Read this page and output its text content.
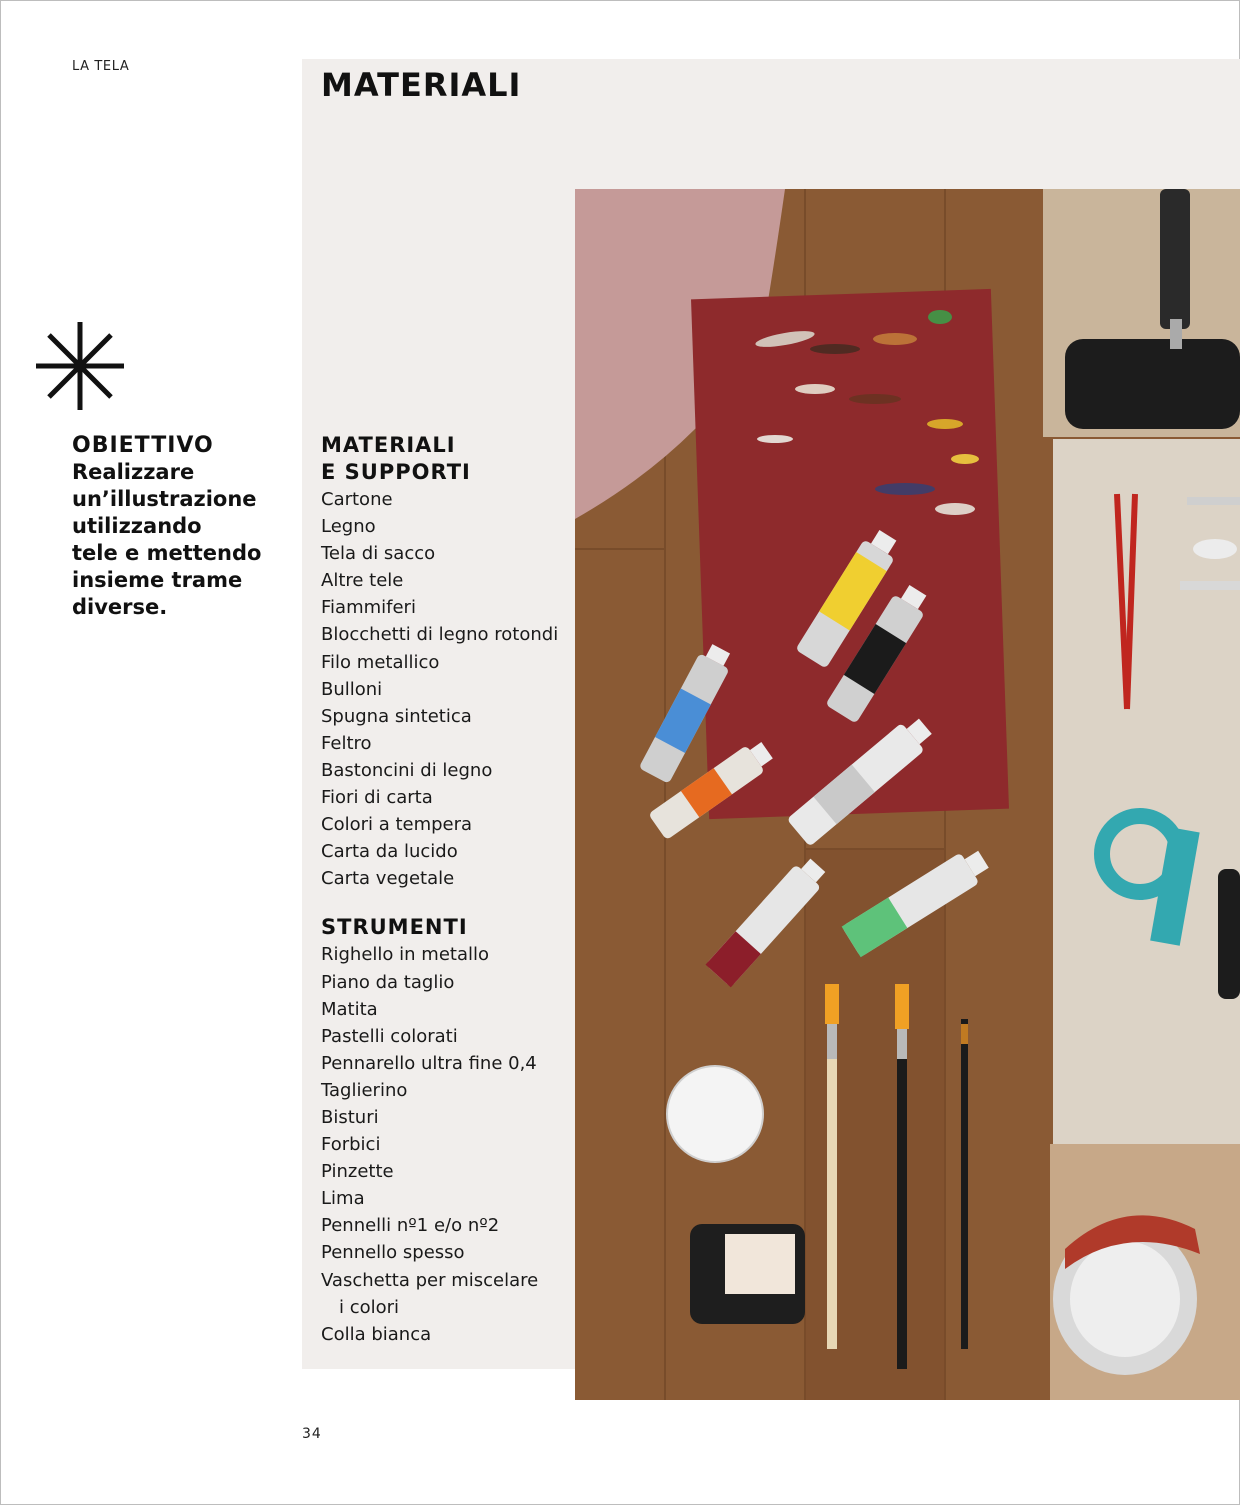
LA TELA	MATERIALI
OBIETTIVO
Realizzare
un’illustrazione
utilizzando
tele e mettendo
insieme trame
diverse.
MATERIALI
E SUPPORTI
Cartone
Legno
Tela di sacco
Altre tele
Fiammiferi
Blocchetti di legno rotondi
Filo metallico
Bulloni
Spugna sintetica
Feltro
Bastoncini di legno
Fiori di carta
Colori a tempera
Carta da lucido
Carta vegetale
STRUMENTI
Righello in metallo
Piano da taglio
Matita
Pastelli colorati
Pennarello ultra fine 0,4
Taglierino
Bisturi
Forbici
Pinzette
Lima
Pennelli nº1 e/o nº2
Pennello spesso
Vaschetta per miscelare
i colori
Colla bianca
34
